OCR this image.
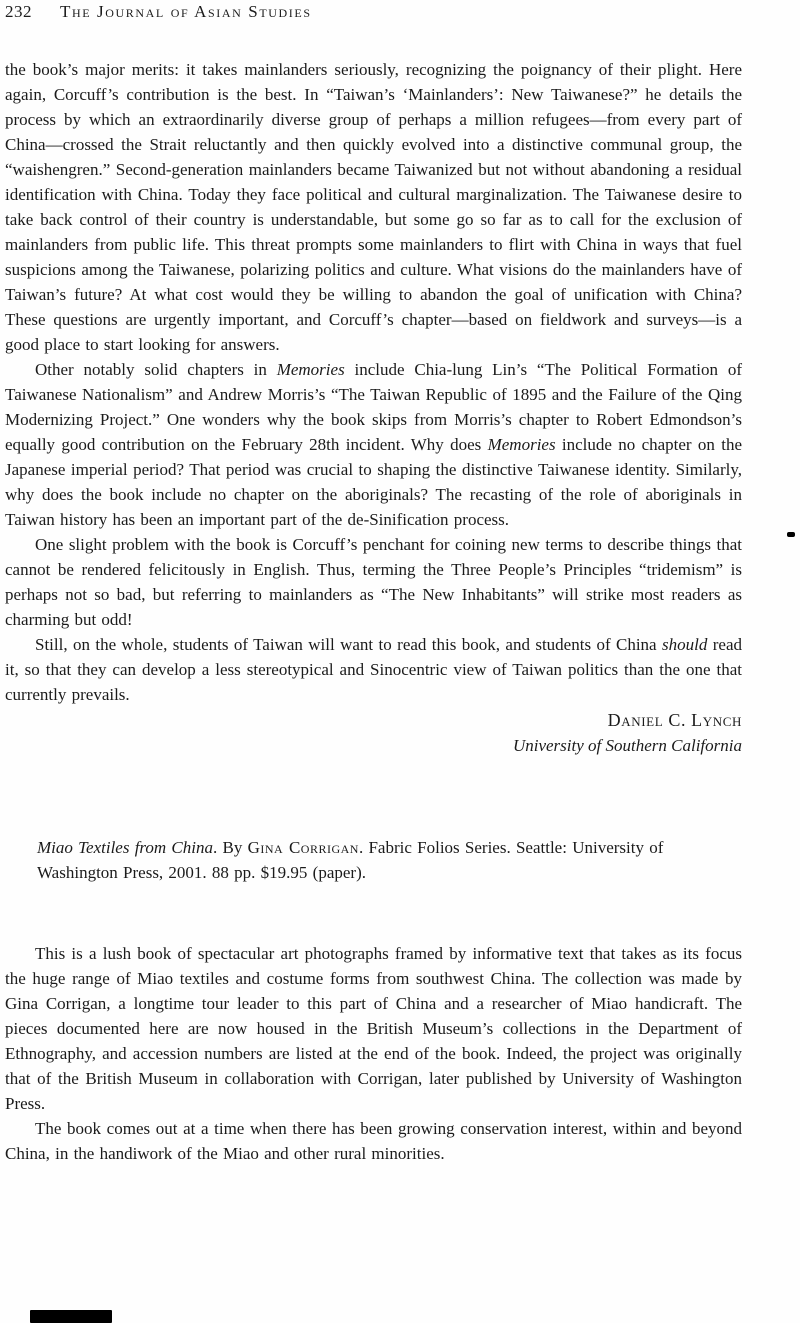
232 The Journal of Asian Studies

the book’s major merits: it takes mainlanders seriously, recognizing the poignancy of their plight. Here again, Corcuff’s contribution is the best. In “Taiwan’s ‘Mainlanders’: New Taiwanese?” he details the process by which an extraordinarily diverse group of perhaps a million refugees—from every part of China—crossed the Strait reluctantly and then quickly evolved into a distinctive communal group, the “waishengren.” Second-generation mainlanders became Taiwanized but not without abandoning a residual identification with China. Today they face political and cultural marginalization. The Taiwanese desire to take back control of their country is understandable, but some go so far as to call for the exclusion of mainlanders from public life. This threat prompts some mainlanders to flirt with China in ways that fuel suspicions among the Taiwanese, polarizing politics and culture. What visions do the mainlanders have of Taiwan’s future? At what cost would they be willing to abandon the goal of unification with China? These questions are urgently important, and Corcuff’s chapter—based on fieldwork and surveys—is a good place to start looking for answers.

Other notably solid chapters in Memories include Chia-lung Lin’s “The Political Formation of Taiwanese Nationalism” and Andrew Morris’s “The Taiwan Republic of 1895 and the Failure of the Qing Modernizing Project.” One wonders why the book skips from Morris’s chapter to Robert Edmondson’s equally good contribution on the February 28th incident. Why does Memories include no chapter on the Japanese imperial period? That period was crucial to shaping the distinctive Taiwanese identity. Similarly, why does the book include no chapter on the aboriginals? The recasting of the role of aboriginals in Taiwan history has been an important part of the de-Sinification process.

One slight problem with the book is Corcuff’s penchant for coining new terms to describe things that cannot be rendered felicitously in English. Thus, terming the Three People’s Principles “tridemism” is perhaps not so bad, but referring to mainlanders as “The New Inhabitants” will strike most readers as charming but odd!

Still, on the whole, students of Taiwan will want to read this book, and students of China should read it, so that they can develop a less stereotypical and Sinocentric view of Taiwan politics than the one that currently prevails.

Daniel C. Lynch
University of Southern California

Miao Textiles from China. By Gina Corrigan. Fabric Folios Series. Seattle: University of Washington Press, 2001. 88 pp. $19.95 (paper).

This is a lush book of spectacular art photographs framed by informative text that takes as its focus the huge range of Miao textiles and costume forms from southwest China. The collection was made by Gina Corrigan, a longtime tour leader to this part of China and a researcher of Miao handicraft. The pieces documented here are now housed in the British Museum’s collections in the Department of Ethnography, and accession numbers are listed at the end of the book. Indeed, the project was originally that of the British Museum in collaboration with Corrigan, later published by University of Washington Press.

The book comes out at a time when there has been growing conservation interest, within and beyond China, in the handiwork of the Miao and other rural minorities.
